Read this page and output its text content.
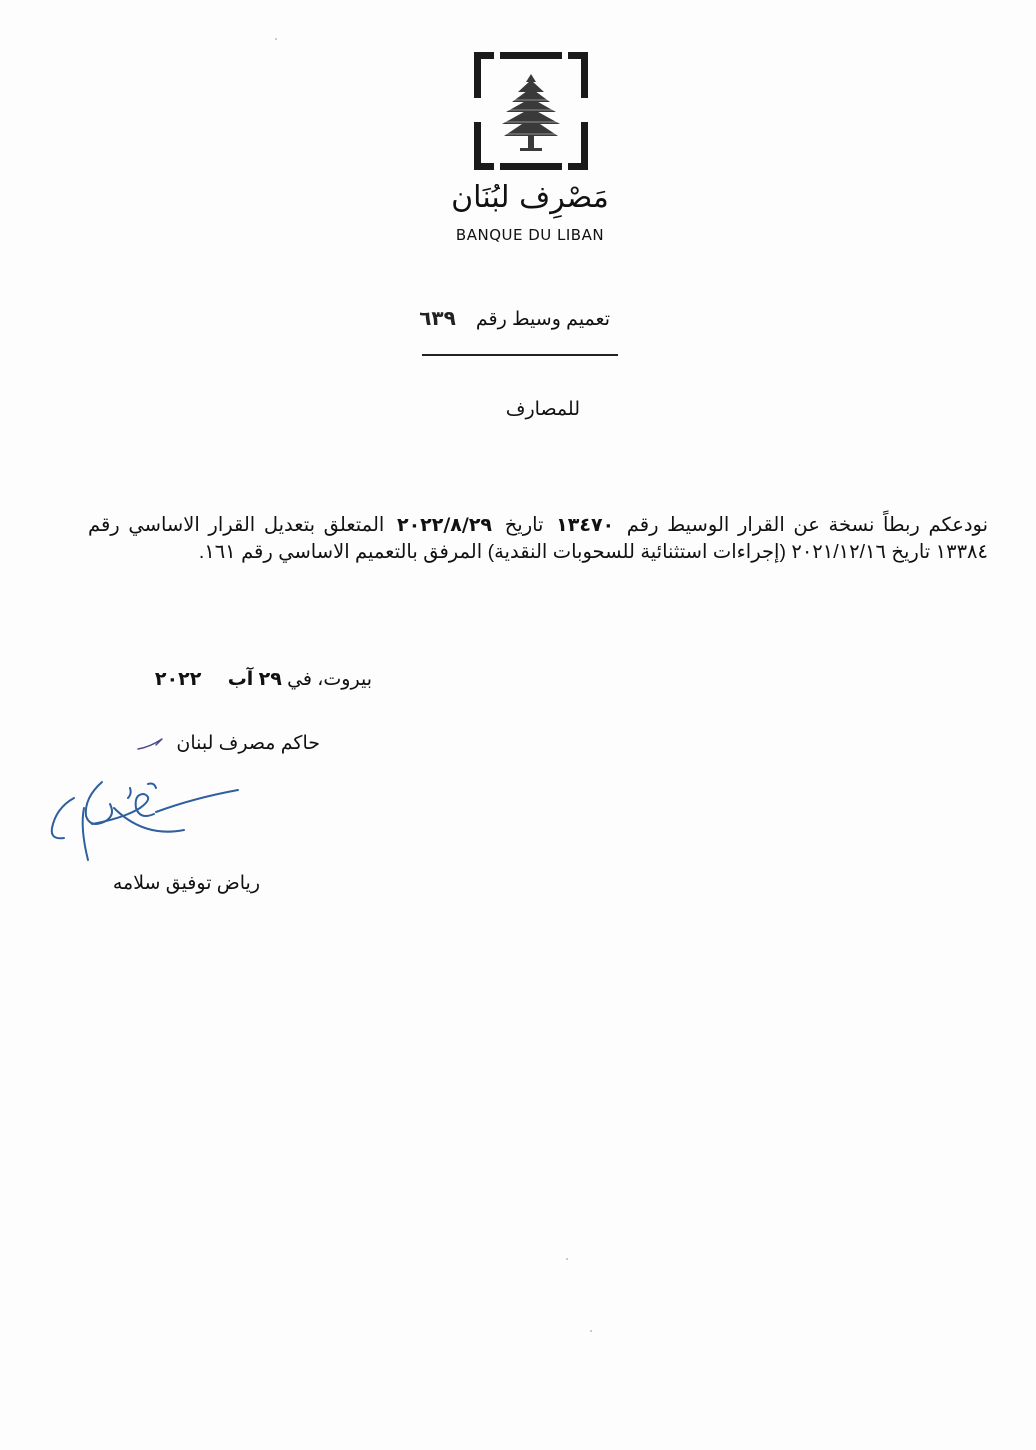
مَصْرِف لبُنَان
BANQUE DU LIBAN
تعميم وسيط رقم
٦٣٩
للمصارف
نودعكم ربطاً نسخة عن القرار الوسيط رقم ١٣٤٧٠ تاريخ ٢٠٢٢/٨/٢٩ المتعلق بتعديل القرار الاساسي رقم ١٣٣٨٤ تاريخ ٢٠٢١/١٢/١٦ (إجراءات استثنائية للسحوبات النقدية) المرفق بالتعميم الاساسي رقم ١٦١.
بيروت، في ٢٩ آب     ٢٠٢٢
حاكم مصرف لبنان
رياض توفيق سلامه
